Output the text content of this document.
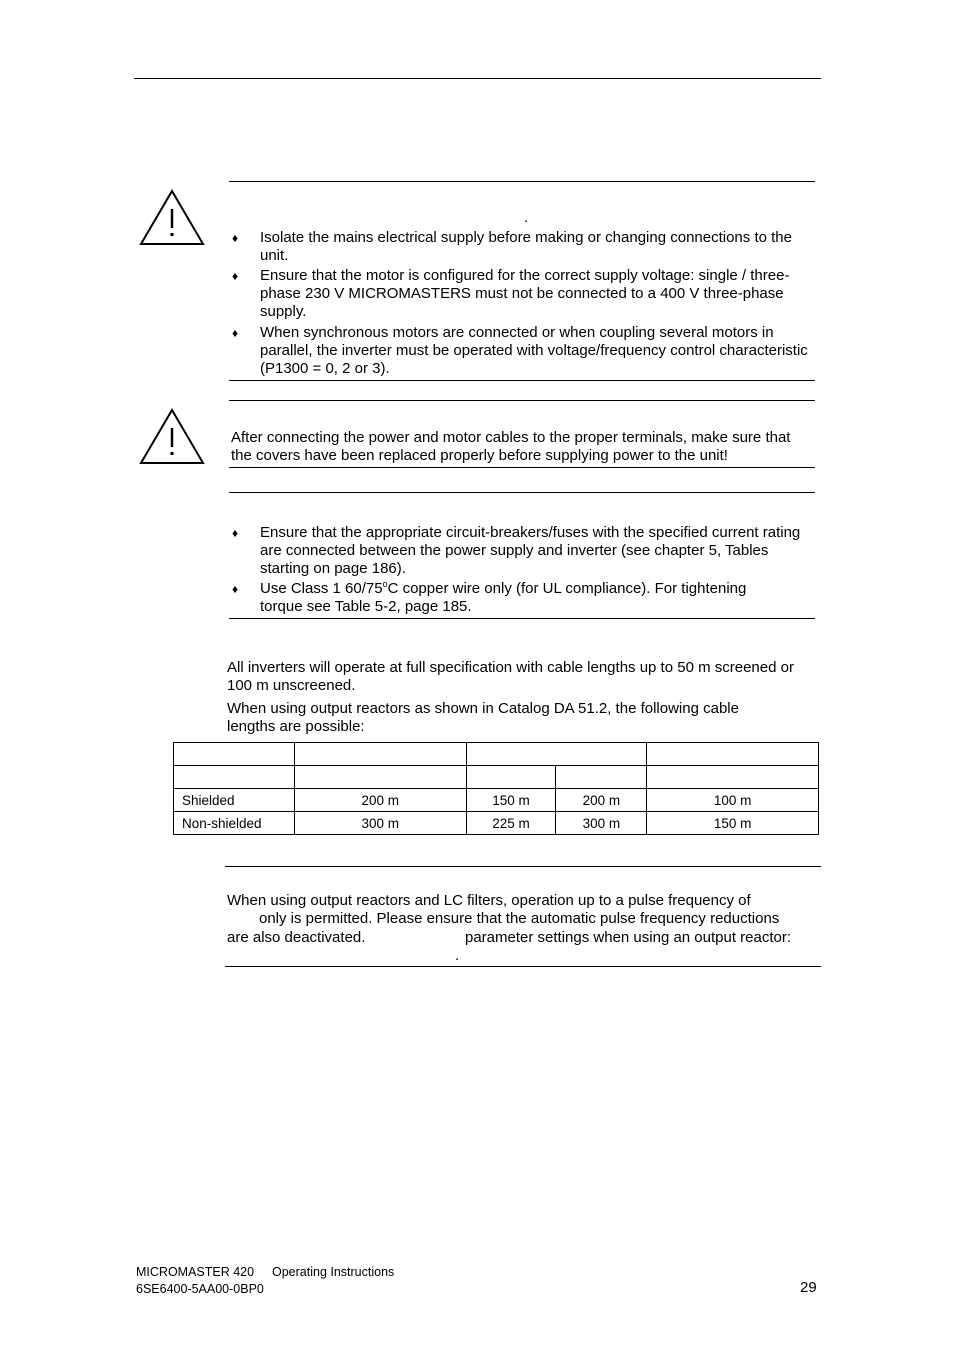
.
♦ Isolate the mains electrical supply before making or changing connections to the unit.
♦ Ensure that the motor is configured for the correct supply voltage: single / three-phase 230 V MICROMASTERS must not be connected to a 400 V three-phase supply.
♦ When synchronous motors are connected or when coupling several motors in parallel, the inverter must be operated with voltage/frequency control characteristic (P1300 = 0, 2 or 3).
After connecting the power and motor cables to the proper terminals, make sure that the covers have been replaced properly before supplying power to the unit!
♦ Ensure that the appropriate circuit-breakers/fuses with the specified current rating are connected between the power supply and inverter (see chapter 5, Tables starting on page 186).
♦ Use Class 1 60/75$^o$C copper wire only (for UL compliance). For tightening torque see Table 5-2, page 185.
All inverters will operate at full specification with cable lengths up to 50 m screened or 100 m unscreened.
When using output reactors as shown in Catalog DA 51.2, the following cable lengths are possible:

Shielded	200 m	150 m	200 m	100 m
Non-shielded	300 m	225 m	300 m	150 m
When using output reactors and LC filters, operation up to a pulse frequency of
only is permitted. Please ensure that the automatic pulse frequency reductions
are also deactivated.	parameter settings when using an output reactor:
.
MICROMASTER 420 Operating Instructions
6SE6400-5AA00-0BP0	29
